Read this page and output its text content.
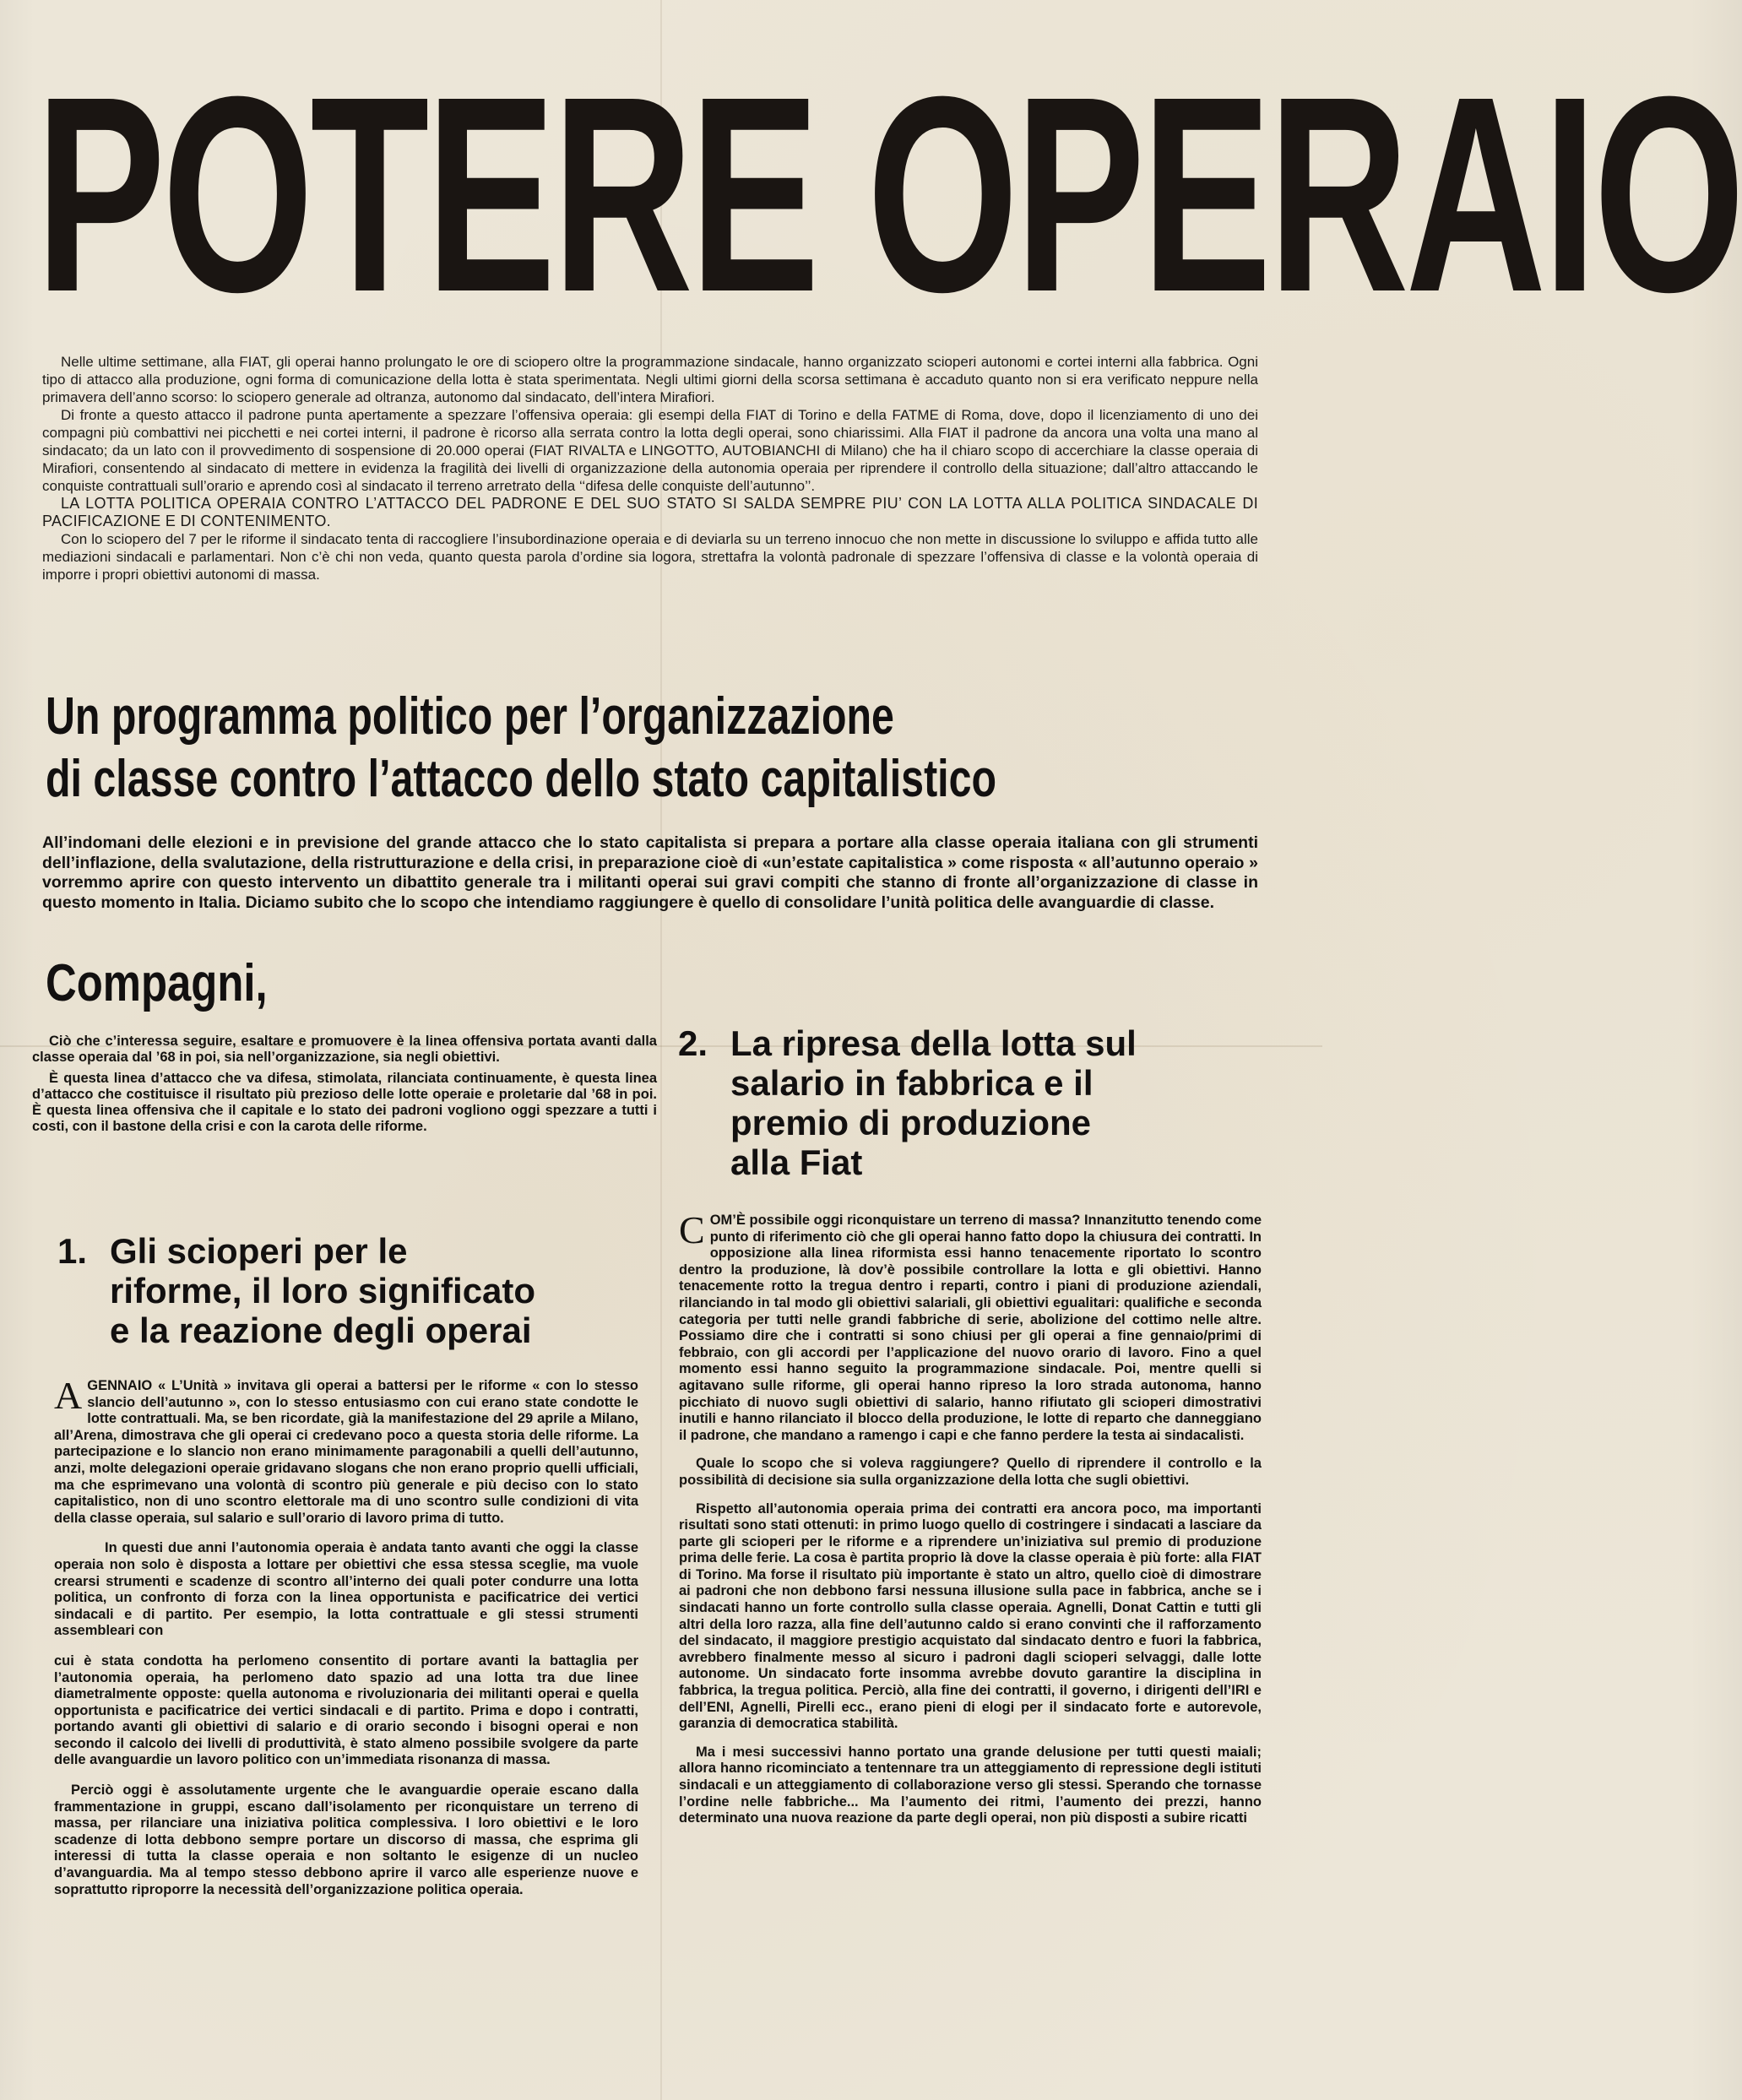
POTERE OPERAIO

Nelle ultime settimane, alla FIAT, gli operai hanno prolungato le ore di sciopero oltre la programmazione sindacale, hanno organizzato scioperi autonomi e cortei interni alla fabbrica. Ogni tipo di attacco alla produzione, ogni forma di comunicazione della lotta è stata sperimentata. Negli ultimi giorni della scorsa settimana è accaduto quanto non si era verificato neppure nella primavera dell’anno scorso: lo sciopero generale ad oltranza, autonomo dal sindacato, dell’intera Mirafiori.

Di fronte a questo attacco il padrone punta apertamente a spezzare l’offensiva operaia: gli esempi della FIAT di Torino e della FATME di Roma, dove, dopo il licenziamento di uno dei compagni più combattivi nei picchetti e nei cortei interni, il padrone è ricorso alla serrata contro la lotta degli operai, sono chiarissimi. Alla FIAT il padrone da ancora una volta una mano al sindacato; da un lato con il provvedimento di sospensione di 20.000 operai (FIAT RIVALTA e LINGOTTO, AUTOBIANCHI di Milano) che ha il chiaro scopo di accerchiare la classe operaia di Mirafiori, consentendo al sindacato di mettere in evidenza la fragilità dei livelli di organizzazione della autonomia operaia per riprendere il controllo della situazione; dall’altro attaccando le conquiste contrattuali sull’orario e aprendo così al sindacato il terreno arretrato della ‘‘difesa delle conquiste dell’autunno’’.

LA LOTTA POLITICA OPERAIA CONTRO L’ATTACCO DEL PADRONE E DEL SUO STATO SI SALDA SEMPRE PIU’ CON LA LOTTA ALLA POLITICA SINDACALE DI PACIFICAZIONE E DI CONTENIMENTO.

Con lo sciopero del 7 per le riforme il sindacato tenta di raccogliere l’insubordinazione operaia e di deviarla su un terreno innocuo che non mette in discussione lo sviluppo e affida tutto alle mediazioni sindacali e parlamentari. Non c’è chi non veda, quanto questa parola d’ordine sia logora, strettafra la volontà padronale di spezzare l’offensiva di classe e la volontà operaia di imporre i propri obiettivi autonomi di massa.

Un programma politico per l’organizzazione
di classe contro l’attacco dello stato capitalistico

All’indomani delle elezioni e in previsione del grande attacco che lo stato capitalista si prepara a portare alla classe operaia italiana con gli strumenti dell’inflazione, della svalutazione, della ristrutturazione e della crisi, in preparazione cioè di «un’estate capitalistica » come risposta « all’autunno operaio » vorremmo aprire con questo intervento un dibattito generale tra i militanti operai sui gravi compiti che stanno di fronte all’organizzazione di classe in questo momento in Italia. Diciamo subito che lo scopo che intendiamo raggiungere è quello di consolidare l’unità politica delle avanguardie di classe.

Compagni,

Ciò che c’interessa seguire, esaltare e promuovere è la linea offensiva portata avanti dalla classe operaia dal ’68 in poi, sia nell’organizzazione, sia negli obiettivi.

È questa linea d’attacco che va difesa, stimolata, rilanciata continuamente, è questa linea d’attacco che costituisce il risultato più prezioso delle lotte operaie e proletarie dal ’68 in poi. È questa linea offensiva che il capitale e lo stato dei padroni vogliono oggi spezzare a tutti i costi, con il bastone della crisi e con la carota delle riforme.

1. Gli scioperi per le
riforme, il loro significato
e la reazione degli operai
2. La ripresa della lotta sul
salario in fabbrica e il
premio di produzione
alla Fiat

AGENNAIO « L’Unità » invitava gli operai a battersi per le riforme « con lo stesso slancio dell’autunno », con lo stesso entusiasmo con cui erano state condotte le lotte contrattuali. Ma, se ben ricordate, già la manifestazione del 29 aprile a Milano, all’Arena, dimostrava che gli operai ci credevano poco a questa storia delle riforme. La partecipazione e lo slancio non erano minimamente paragonabili a quelli dell’autunno, anzi, molte delegazioni operaie gridavano slogans che non erano proprio quelli ufficiali, ma che esprimevano una volontà di scontro più generale e più deciso con lo stato capitalistico, non di uno scontro elettorale ma di uno scontro sulle condizioni di vita della classe operaia, sul salario e sull’orario di lavoro prima di tutto.

In questi due anni l’autonomia operaia è andata tanto avanti che oggi la classe operaia non solo è disposta a lottare per obiettivi che essa stessa sceglie, ma vuole crearsi strumenti e scadenze di scontro all’interno dei quali poter condurre una lotta politica, un confronto di forza con la linea opportunista e pacificatrice dei vertici sindacali e di partito. Per esempio, la lotta contrattuale e gli stessi strumenti assembleari con

cui è stata condotta ha perlomeno consentito di portare avanti la battaglia per l’autonomia operaia, ha perlomeno dato spazio ad una lotta tra due linee diametralmente opposte: quella autonoma e rivoluzionaria dei militanti operai e quella opportunista e pacificatrice dei vertici sindacali e di partito. Prima e dopo i contratti, portando avanti gli obiettivi di salario e di orario secondo i bisogni operai e non secondo il calcolo dei livelli di produttività, è stato almeno possibile svolgere da parte delle avanguardie un lavoro politico con un’immediata risonanza di massa.

Perciò oggi è assolutamente urgente che le avanguardie operaie escano dalla frammentazione in gruppi, escano dall’isolamento per riconquistare un terreno di massa, per rilanciare una iniziativa politica complessiva. I loro obiettivi e le loro scadenze di lotta debbono sempre portare un discorso di massa, che esprima gli interessi di tutta la classe operaia e non soltanto le esigenze di un nucleo d’avanguardia. Ma al tempo stesso debbono aprire il varco alle esperienze nuove e soprattutto riproporre la necessità dell’organizzazione politica operaia.

COM’È possibile oggi riconquistare un terreno di massa? Innanzitutto tenendo come punto di riferimento ciò che gli operai hanno fatto dopo la chiusura dei contratti. In opposizione alla linea riformista essi hanno tenacemente riportato lo scontro dentro la produzione, là dov’è possibile controllare la lotta e gli obiettivi. Hanno tenacemente rotto la tregua dentro i reparti, contro i piani di produzione aziendali, rilanciando in tal modo gli obiettivi salariali, gli obiettivi egualitari: qualifiche e seconda categoria per tutti nelle grandi fabbriche di serie, abolizione del cottimo nelle altre. Possiamo dire che i contratti si sono chiusi per gli operai a fine gennaio/primi di febbraio, con gli accordi per l’applicazione del nuovo orario di lavoro. Fino a quel momento essi hanno seguito la programmazione sindacale. Poi, mentre quelli si agitavano sulle riforme, gli operai hanno ripreso la loro strada autonoma, hanno picchiato di nuovo sugli obiettivi di salario, hanno rifiutato gli scioperi dimostrativi inutili e hanno rilanciato il blocco della produzione, le lotte di reparto che danneggiano il padrone, che mandano a ramengo i capi e che fanno perdere la testa ai sindacalisti.

Quale lo scopo che si voleva raggiungere? Quello di riprendere il controllo e la possibilità di decisione sia sulla organizzazione della lotta che sugli obiettivi.

Rispetto all’autonomia operaia prima dei contratti era ancora poco, ma importanti risultati sono stati ottenuti: in primo luogo quello di costringere i sindacati a lasciare da parte gli scioperi per le riforme e a riprendere un’iniziativa sul premio di produzione prima delle ferie. La cosa è partita proprio là dove la classe operaia è più forte: alla FIAT di Torino. Ma forse il risultato più importante è stato un altro, quello cioè di dimostrare ai padroni che non debbono farsi nessuna illusione sulla pace in fabbrica, anche se i sindacati hanno un forte controllo sulla classe operaia. Agnelli, Donat Cattin e tutti gli altri della loro razza, alla fine dell’autunno caldo si erano convinti che il rafforzamento del sindacato, il maggiore prestigio acquistato dal sindacato dentro e fuori la fabbrica, avrebbero finalmente messo al sicuro i padroni dagli scioperi selvaggi, dalle lotte autonome. Un sindacato forte insomma avrebbe dovuto garantire la disciplina in fabbrica, la tregua politica. Perciò, alla fine dei contratti, il governo, i dirigenti dell’IRI e dell’ENI, Agnelli, Pirelli ecc., erano pieni di elogi per il sindacato forte e autorevole, garanzia di democratica stabilità.

Ma i mesi successivi hanno portato una grande delusione per tutti questi maiali; allora hanno ricominciato a tentennare tra un atteggiamento di repressione degli istituti sindacali e un atteggiamento di collaborazione verso gli stessi. Sperando che tornasse l’ordine nelle fabbriche... Ma l’aumento dei ritmi, l’aumento dei prezzi, hanno determinato una nuova reazione da parte degli operai, non più disposti a subire ricatti
